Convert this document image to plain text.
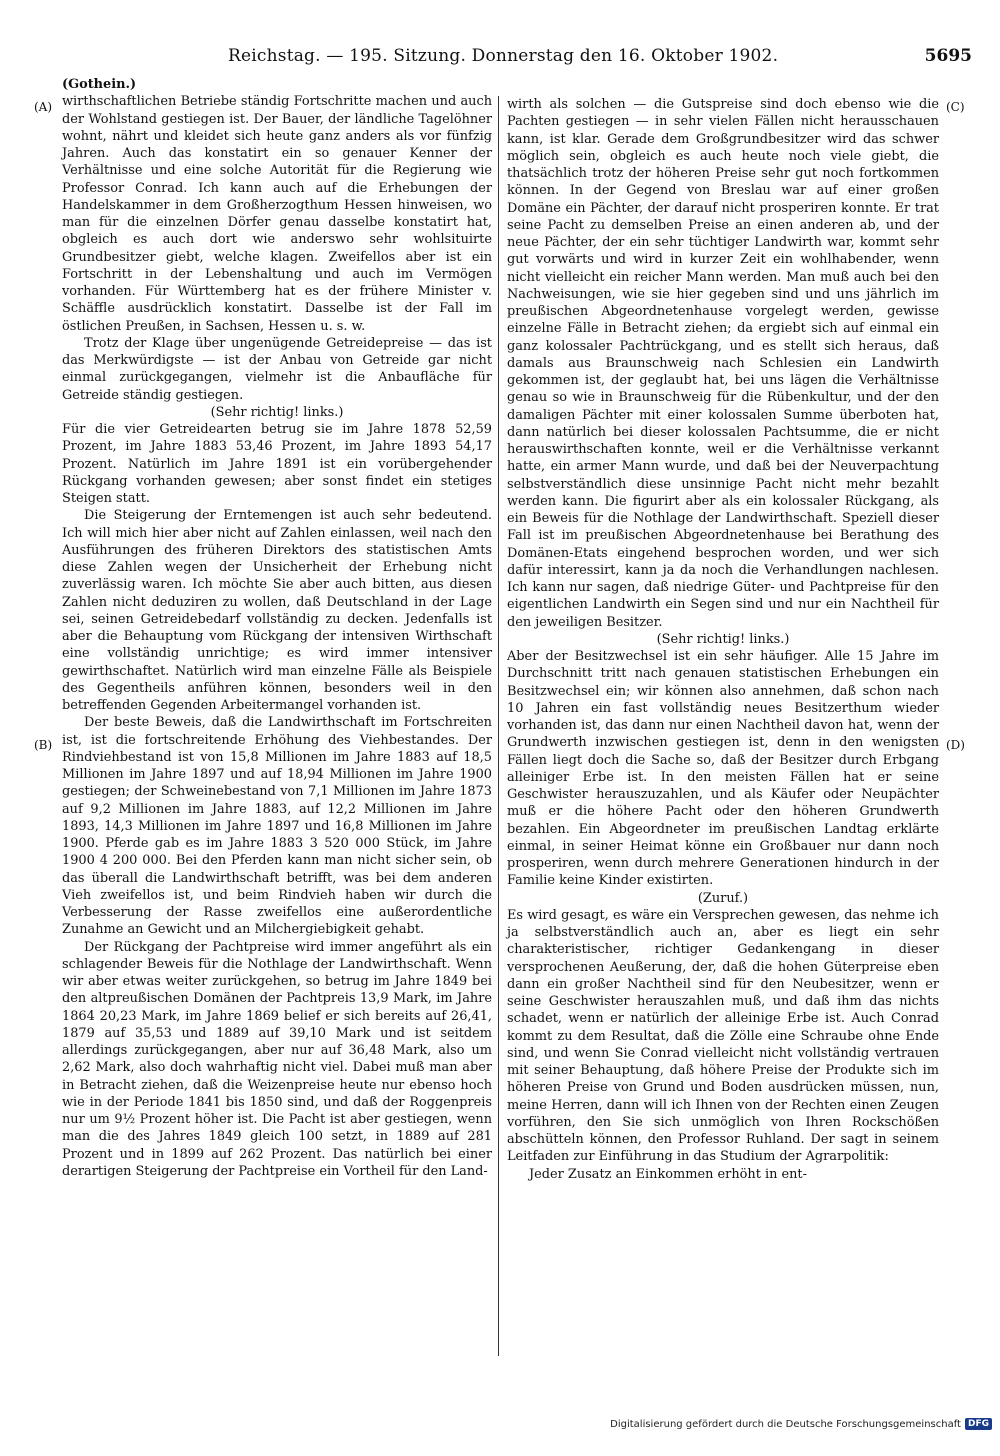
Reichstag. — 195. Sitzung. Donnerstag den 16. Oktober 1902.	5695
(A)
(B)
(C)
(D)

(Gothein.)

wirthschaftlichen Betriebe ständig Fortschritte machen und auch der Wohlstand gestiegen ist. Der Bauer, der ländliche Tagelöhner wohnt, nährt und kleidet sich heute ganz anders als vor fünfzig Jahren. Auch das konstatirt ein so genauer Kenner der Verhältnisse und eine solche Autorität für die Regierung wie Professor Conrad. Ich kann auch auf die Erhebungen der Handelskammer in dem Großherzogthum Hessen hinweisen, wo man für die einzelnen Dörfer genau dasselbe konstatirt hat, obgleich es auch dort wie anderswo sehr wohlsituirte Grundbesitzer giebt, welche klagen. Zweifellos aber ist ein Fortschritt in der Lebenshaltung und auch im Vermögen vorhanden. Für Württemberg hat es der frühere Minister v. Schäffle ausdrücklich konstatirt. Dasselbe ist der Fall im östlichen Preußen, in Sachsen, Hessen u. s. w.

Trotz der Klage über ungenügende Getreidepreise — das ist das Merkwürdigste — ist der Anbau von Getreide gar nicht einmal zurückgegangen, vielmehr ist die Anbaufläche für Getreide ständig gestiegen.

(Sehr richtig! links.)

Für die vier Getreidearten betrug sie im Jahre 1878 52,59 Prozent, im Jahre 1883 53,46 Prozent, im Jahre 1893 54,17 Prozent. Natürlich im Jahre 1891 ist ein vorübergehender Rückgang vorhanden gewesen; aber sonst findet ein stetiges Steigen statt.

Die Steigerung der Erntemengen ist auch sehr bedeutend. Ich will mich hier aber nicht auf Zahlen einlassen, weil nach den Ausführungen des früheren Direktors des statistischen Amts diese Zahlen wegen der Unsicherheit der Erhebung nicht zuverlässig waren. Ich möchte Sie aber auch bitten, aus diesen Zahlen nicht deduziren zu wollen, daß Deutschland in der Lage sei, seinen Getreidebedarf vollständig zu decken. Jedenfalls ist aber die Behauptung vom Rückgang der intensiven Wirthschaft eine vollständig unrichtige; es wird immer intensiver gewirthschaftet. Natürlich wird man einzelne Fälle als Beispiele des Gegentheils anführen können, besonders weil in den betreffenden Gegenden Arbeitermangel vorhanden ist.

Der beste Beweis, daß die Landwirthschaft im Fortschreiten ist, ist die fortschreitende Erhöhung des Viehbestandes. Der Rindviehbestand ist von 15,8 Millionen im Jahre 1883 auf 18,5 Millionen im Jahre 1897 und auf 18,94 Millionen im Jahre 1900 gestiegen; der Schweinebestand von 7,1 Millionen im Jahre 1873 auf 9,2 Millionen im Jahre 1883, auf 12,2 Millionen im Jahre 1893, 14,3 Millionen im Jahre 1897 und 16,8 Millionen im Jahre 1900. Pferde gab es im Jahre 1883 3 520 000 Stück, im Jahre 1900 4 200 000. Bei den Pferden kann man nicht sicher sein, ob das überall die Landwirthschaft betrifft, was bei dem anderen Vieh zweifellos ist, und beim Rindvieh haben wir durch die Verbesserung der Rasse zweifellos eine außerordentliche Zunahme an Gewicht und an Milchergiebigkeit gehabt.

Der Rückgang der Pachtpreise wird immer angeführt als ein schlagender Beweis für die Nothlage der Landwirthschaft. Wenn wir aber etwas weiter zurückgehen, so betrug im Jahre 1849 bei den altpreußischen Domänen der Pachtpreis 13,9 Mark, im Jahre 1864 20,23 Mark, im Jahre 1869 belief er sich bereits auf 26,41, 1879 auf 35,53 und 1889 auf 39,10 Mark und ist seitdem allerdings zurückgegangen, aber nur auf 36,48 Mark, also um 2,62 Mark, also doch wahrhaftig nicht viel. Dabei muß man aber in Betracht ziehen, daß die Weizenpreise heute nur ebenso hoch wie in der Periode 1841 bis 1850 sind, und daß der Roggenpreis nur um 9½ Prozent höher ist. Die Pacht ist aber gestiegen, wenn man die des Jahres 1849 gleich 100 setzt, in 1889 auf 281 Prozent und in 1899 auf 262 Prozent. Das natürlich bei einer derartigen Steigerung der Pachtpreise ein Vortheil für den Land-

wirth als solchen — die Gutspreise sind doch ebenso wie die Pachten gestiegen — in sehr vielen Fällen nicht herausschauen kann, ist klar. Gerade dem Großgrundbesitzer wird das schwer möglich sein, obgleich es auch heute noch viele giebt, die thatsächlich trotz der höheren Preise sehr gut noch fortkommen können. In der Gegend von Breslau war auf einer großen Domäne ein Pächter, der darauf nicht prosperiren konnte. Er trat seine Pacht zu demselben Preise an einen anderen ab, und der neue Pächter, der ein sehr tüchtiger Landwirth war, kommt sehr gut vorwärts und wird in kurzer Zeit ein wohlhabender, wenn nicht vielleicht ein reicher Mann werden. Man muß auch bei den Nachweisungen, wie sie hier gegeben sind und uns jährlich im preußischen Abgeordnetenhause vorgelegt werden, gewisse einzelne Fälle in Betracht ziehen; da ergiebt sich auf einmal ein ganz kolossaler Pachtrückgang, und es stellt sich heraus, daß damals aus Braunschweig nach Schlesien ein Landwirth gekommen ist, der geglaubt hat, bei uns lägen die Verhältnisse genau so wie in Braunschweig für die Rübenkultur, und der den damaligen Pächter mit einer kolossalen Summe überboten hat, dann natürlich bei dieser kolossalen Pachtsumme, die er nicht herauswirthschaften konnte, weil er die Verhältnisse verkannt hatte, ein armer Mann wurde, und daß bei der Neuverpachtung selbstverständlich diese unsinnige Pacht nicht mehr bezahlt werden kann. Die figurirt aber als ein kolossaler Rückgang, als ein Beweis für die Nothlage der Landwirthschaft. Speziell dieser Fall ist im preußischen Abgeordnetenhause bei Berathung des Domänen-Etats eingehend besprochen worden, und wer sich dafür interessirt, kann ja da noch die Verhandlungen nachlesen. Ich kann nur sagen, daß niedrige Güter- und Pachtpreise für den eigentlichen Landwirth ein Segen sind und nur ein Nachtheil für den jeweiligen Besitzer.

(Sehr richtig! links.)

Aber der Besitzwechsel ist ein sehr häufiger. Alle 15 Jahre im Durchschnitt tritt nach genauen statistischen Erhebungen ein Besitzwechsel ein; wir können also annehmen, daß schon nach 10 Jahren ein fast vollständig neues Besitzerthum wieder vorhanden ist, das dann nur einen Nachtheil davon hat, wenn der Grundwerth inzwischen gestiegen ist, denn in den wenigsten Fällen liegt doch die Sache so, daß der Besitzer durch Erbgang alleiniger Erbe ist. In den meisten Fällen hat er seine Geschwister herauszuzahlen, und als Käufer oder Neupächter muß er die höhere Pacht oder den höheren Grundwerth bezahlen. Ein Abgeordneter im preußischen Landtag erklärte einmal, in seiner Heimat könne ein Großbauer nur dann noch prosperiren, wenn durch mehrere Generationen hindurch in der Familie keine Kinder existirten.

(Zuruf.)

Es wird gesagt, es wäre ein Versprechen gewesen, das nehme ich ja selbstverständlich auch an, aber es liegt ein sehr charakteristischer, richtiger Gedankengang in dieser versprochenen Aeußerung, der, daß die hohen Güterpreise eben dann ein großer Nachtheil sind für den Neubesitzer, wenn er seine Geschwister herauszahlen muß, und daß ihm das nichts schadet, wenn er natürlich der alleinige Erbe ist. Auch Conrad kommt zu dem Resultat, daß die Zölle eine Schraube ohne Ende sind, und wenn Sie Conrad vielleicht nicht vollständig vertrauen mit seiner Behauptung, daß höhere Preise der Produkte sich im höheren Preise von Grund und Boden ausdrücken müssen, nun, meine Herren, dann will ich Ihnen von der Rechten einen Zeugen vorführen, den Sie sich unmöglich von Ihren Rockschößen abschütteln können, den Professor Ruhland. Der sagt in seinem Leitfaden zur Einführung in das Studium der Agrarpolitik:

Jeder Zusatz an Einkommen erhöht in ent-

Digitalisierung gefördert durch die Deutsche Forschungsgemeinschaft DFG
